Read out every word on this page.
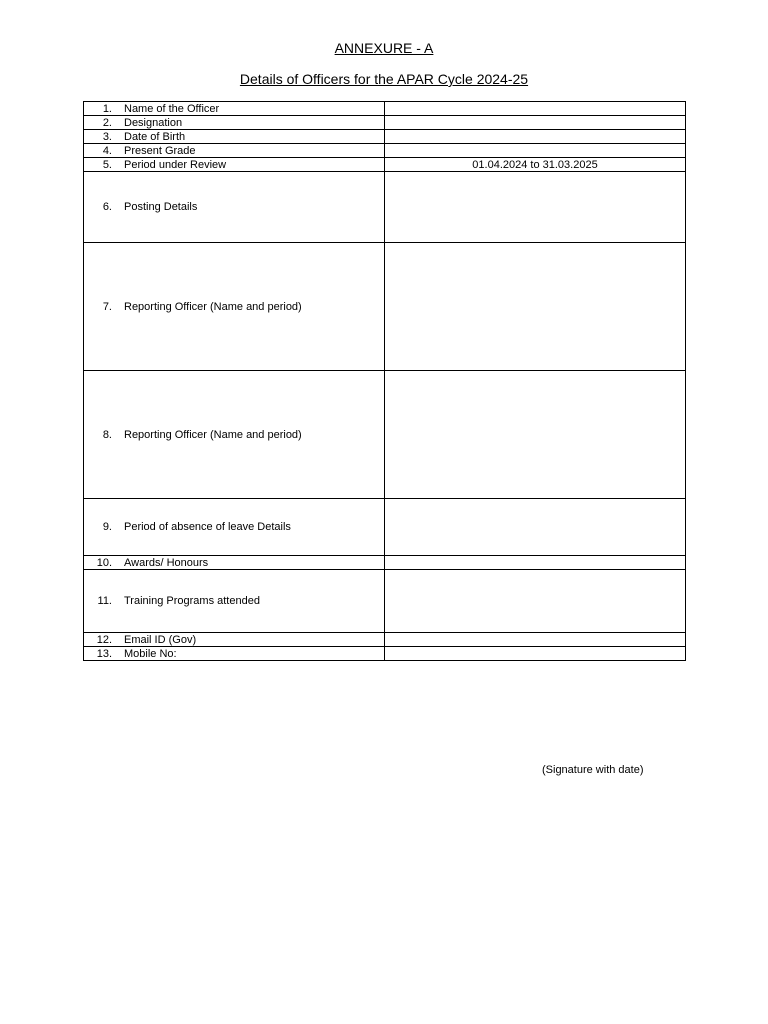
ANNEXURE - A
Details of Officers for the APAR Cycle 2024-25
1. Name of the Officer	

2. Designation	

3. Date of Birth	

4. Present Grade	

5. Period under Review	01.04.2024 to 31.03.2025

6. Posting Details	

7. Reporting Officer (Name and period)	

8. Reporting Officer (Name and period)	

9. Period of absence of leave Details	

10. Awards/ Honours	

11. Training Programs attended	

12. Email ID (Gov)	

13. Mobile No:	

(Signature with date)
